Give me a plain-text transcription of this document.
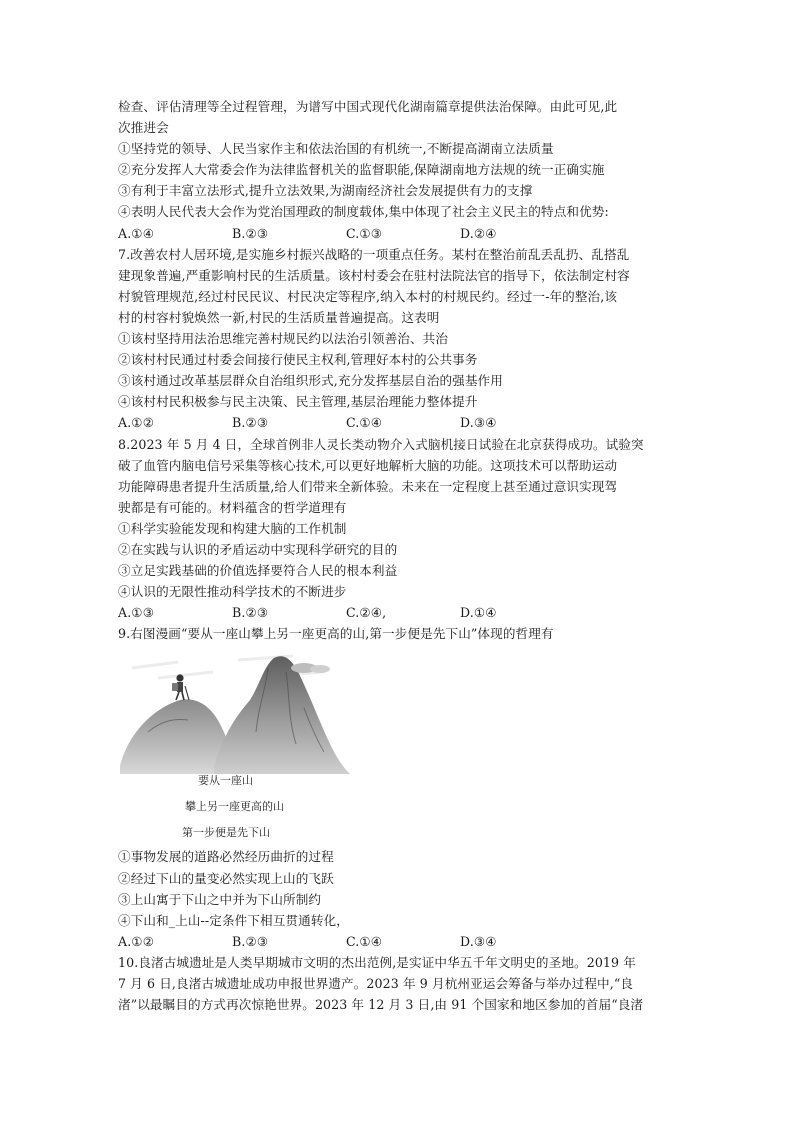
检查、评估清理等全过程管理，为谱写中国式现代化湖南篇章提供法治保障。由此可见,此
次推进会
①坚持党的领导、人民当家作主和依法治国的有机统一,不断提高湖南立法质量
②充分发挥人大常委会作为法律监督机关的监督职能,保障湖南地方法规的统一正确实施
③有利于丰富立法形式,提升立法效果,为湖南经济社会发展提供有力的支撑
④表明人民代表大会作为党治国理政的制度载体,集中体现了社会主义民主的特点和优势:
A.①④	B.②③	C.①③	D.②④
7.改善农村人居环境,是实施乡村振兴战略的一项重点任务。某村在整治前乱丢乱扔、乱搭乱
建现象普遍,严重影响村民的生活质量。该村村委会在驻村法院法官的指导下，依法制定村容
村貌管理规范,经过村民民议、村民决定等程序,纳入本村的村规民约。经过一-年的整治,该
村的村容村貌焕然一新,村民的生活质量普遍提高。这表明
①该村坚持用法治思维完善村规民约以法治引领善治、共治
②该村村民通过村委会间接行使民主权利,管理好本村的公共事务
③该村通过改革基层群众自治组织形式,充分发挥基层自治的强基作用
④该村村民积极参与民主决策、民主管理,基层治理能力整体提升
A.①②	B.②③	C.①④	D.③④
8.2023 年 5 月 4 日，全球首例非人灵长类动物介入式脑机接日试验在北京获得成功。试验突
破了血管内脑电信号采集等核心技术,可以更好地解析大脑的功能。这项技术可以帮助运动
功能障碍患者提升生活质量,给人们带来全新体验。未来在一定程度上甚至通过意识实现驾
驶都是有可能的。材料蕴含的哲学道理有
①科学实验能发现和构建大脑的工作机制
②在实践与认识的矛盾运动中实现科学研究的目的
③立足实践基础的价值选择要符合人民的根本利益
④认识的无限性推动科学技术的不断进步
A.①③	B.②③	C.②④,	D.①④
9.右图漫画“要从一座山攀上另一座更高的山,第一步便是先下山”体现的哲理有
要从一座山
攀上另一座更高的山
第一步便是先下山
①事物发展的道路必然经历曲折的过程
②经过下山的量变必然实现上山的飞跃
③上山寓于下山之中并为下山所制约
④下山和_上山--定条件下相互贯通转化，
A.①②	B.②③	C.①④	D.③④
10.良渚古城遗址是人类早期城市文明的杰出范例,是实证中华五千年文明史的圣地。2019 年
7 月 6 日,良渚古城遗址成功申报世界遗产。2023 年 9 月杭州亚运会筹备与举办过程中,“良
渚”以最瞩目的方式再次惊艳世界。2023 年 12 月 3 日,由 91 个国家和地区参加的首届“良渚
